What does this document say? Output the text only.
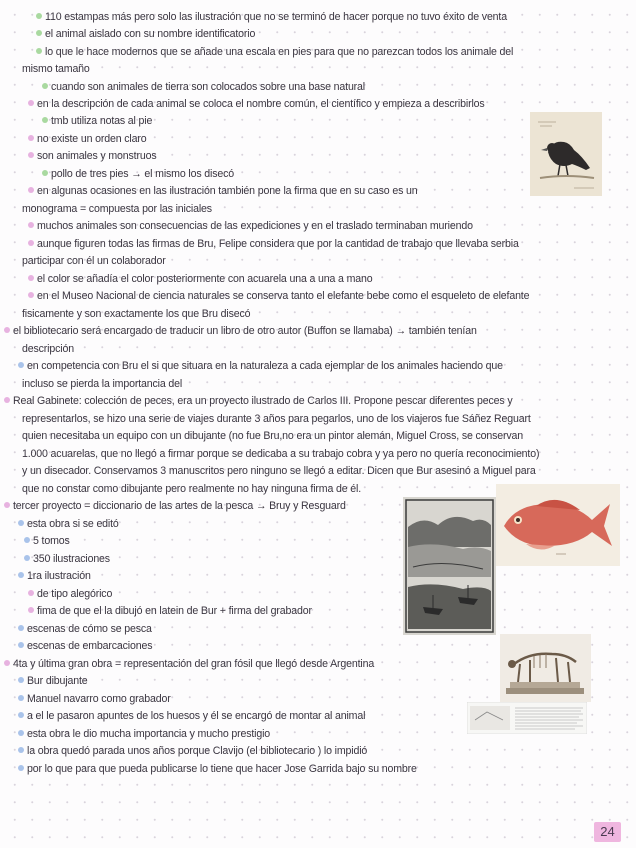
110 estampas más pero solo las ilustración que no se terminó de hacer porque no tuvo éxito de venta
el animal aislado con su nombre identificatorio
lo que le hace modernos que se añade una escala en pies para que no parezcan todos los animale del
mismo tamaño
cuando son animales de tierra son colocados sobre una base natural
en la descripción de cada animal se coloca el nombre común, el científico y empieza a describirlos
tmb utiliza notas al pie
no existe un orden claro
son animales y monstruos
pollo de tres pies → el mismo los disecó
en algunas ocasiones en las ilustración también pone la firma que en su caso es un
monograma = compuesta por las iniciales
muchos animales son consecuencias de las expediciones y en el traslado terminaban muriendo
aunque figuren todas las firmas de Bru, Felipe considera que por la cantidad de trabajo que llevaba serbia
participar con él un colaborador
el color se añadía el color posteriormente con acuarela una a una a mano
en el Museo Nacional de ciencia naturales se conserva tanto el elefante bebe como el esqueleto de elefante
fisicamente y son exactamente los que Bru disecó
el bibliotecario será encargado de traducir un libro de otro autor (Buffon se llamaba) → también tenían
descripción
en competencia con Bru el si que situara en la naturaleza a cada ejemplar de los animales haciendo que
incluso se pierda la importancia del
Real Gabinete: colección de peces, era un proyecto ilustrado de Carlos III. Propone pescar diferentes peces y
representarlos, se hizo una serie de viajes durante 3 años para pegarlos, uno de los viajeros fue Sáñez Reguart
quien necesitaba un equipo con un dibujante (no fue Bru,no era un pintor alemán, Miguel Cross, se conservan
1.000 acuarelas, que no llegó a firmar porque se dedicaba a su trabajo cobra y ya pero no quería reconocimiento)
y un disecador. Conservamos 3 manuscritos pero ninguno se llegó a editar. Dicen que Bur asesinó a Miguel para
que no constar como dibujante pero realmente no hay ninguna firma de él.
tercer proyecto = diccionario de las artes de la pesca → Bruy y Resguard
esta obra si se editó
5 tomos
350 ilustraciones
1ra ilustración
de tipo alegórico
fima de que el la dibujó en latein de Bur + firma del grabador
escenas de cómo se pesca
escenas de embarcaciones
4ta y última gran obra = representación del gran fósil que llegó desde Argentina
Bur dibujante
Manuel navarro como grabador
a el le pasaron apuntes de los huesos y él se encargó de montar al animal
esta obra le dio mucha importancia y mucho prestigio
la obra quedó parada unos años porque Clavijo (el bibliotecario ) lo impidió
por lo que para que pueda publicarse lo tiene que hacer Jose Garrida bajo su nombre
24
